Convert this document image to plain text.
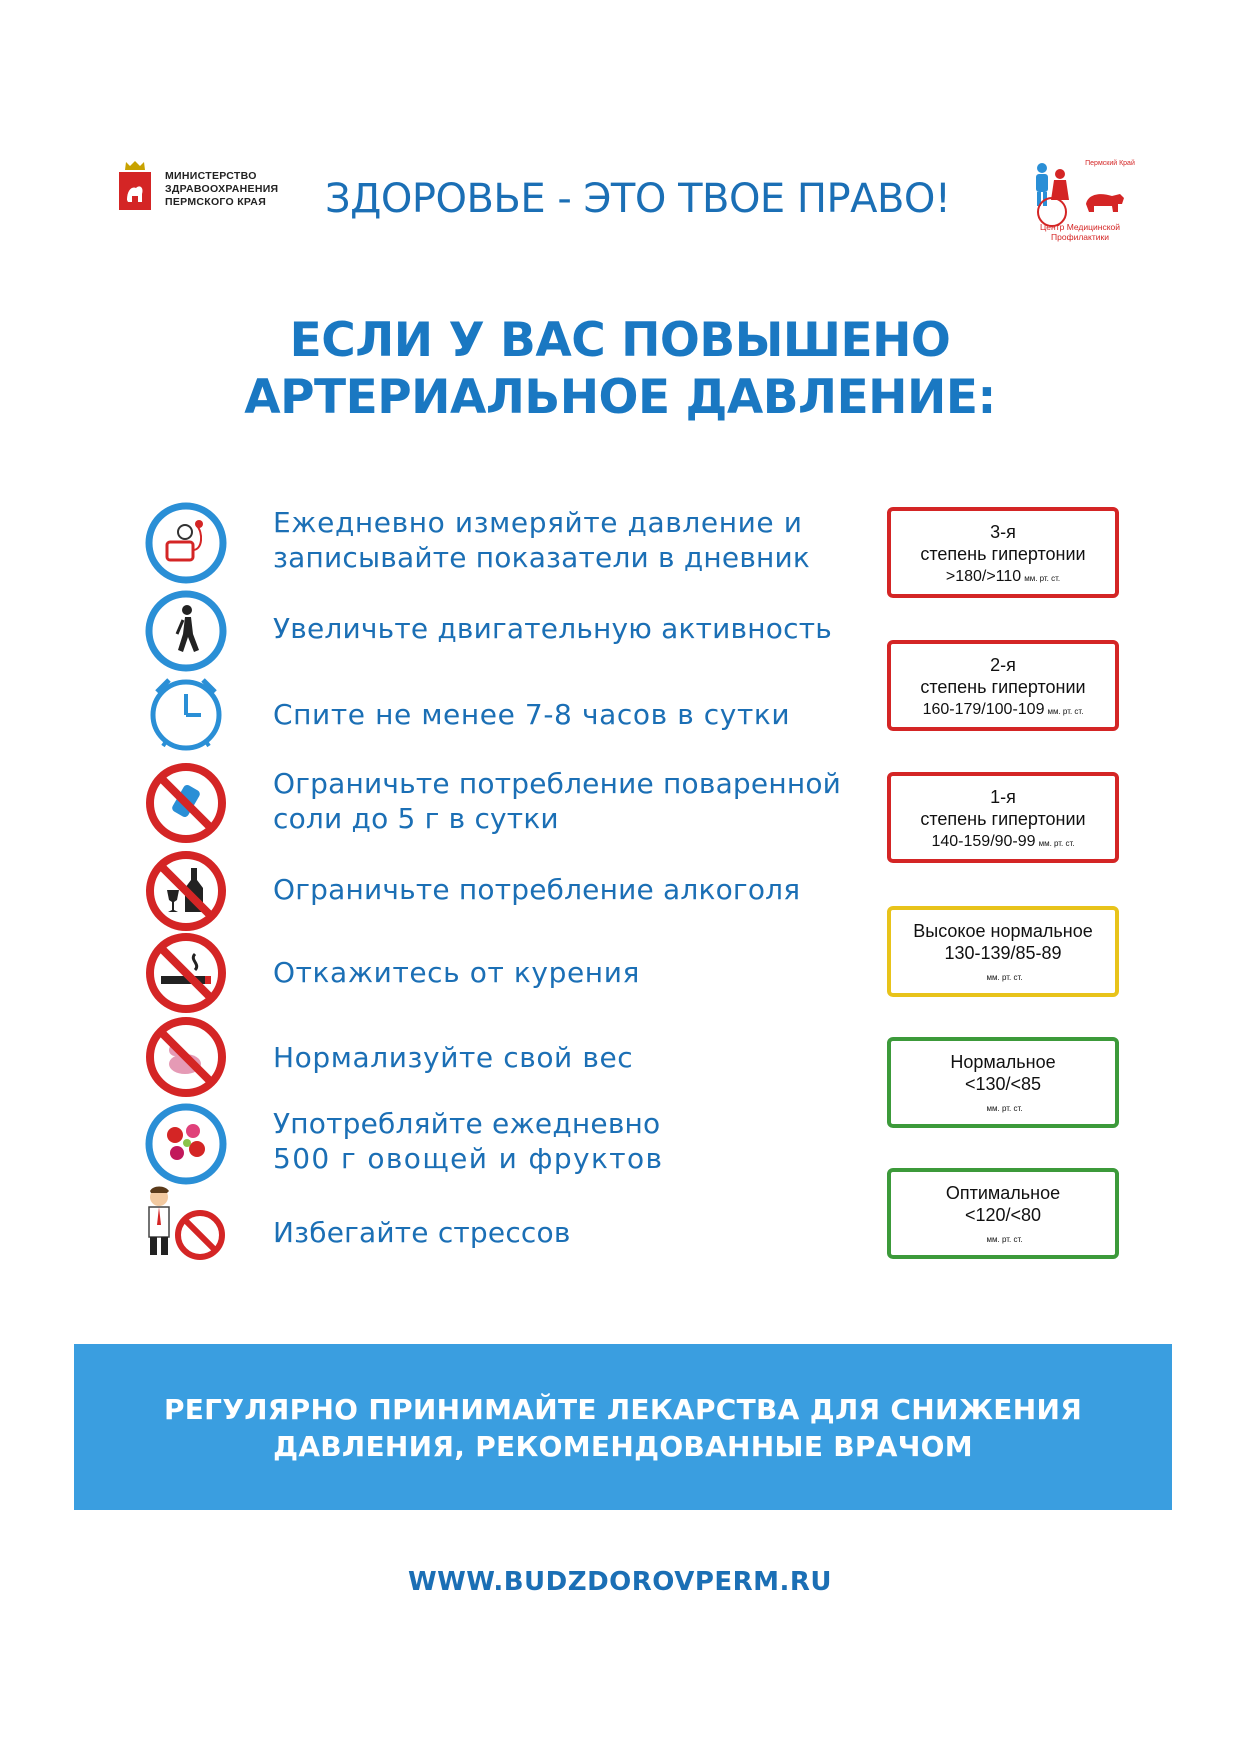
МИНИСТЕРСТВО
ЗДРАВООХРАНЕНИЯ
ПЕРМСКОГО КРАЯ	ЗДОРОВЬЕ - ЭТО ТВОЕ ПРАВО!
Пермский Край
Центр Медицинской
Профилактики
ЕСЛИ У ВАС ПОВЫШЕНО
АРТЕРИАЛЬНОЕ ДАВЛЕНИЕ:
Ежедневно измеряйте давление и
записывайте показатели в дневник
Увеличьте двигательную активность
Спите не менее 7-8 часов в сутки
Ограничьте потребление поваренной
соли до 5 г в сутки
Ограничьте потребление алкоголя
Откажитесь от курения
Нормализуйте свой вес
Употребляйте ежедневно
500 г овощей и фруктов
Избегайте стрессов
3-я
степень гипертонии
>180/>110 мм. рт. ст.
2-я
степень гипертонии
160-179/100-109 мм. рт. ст.
1-я
степень гипертонии
140-159/90-99 мм. рт. ст.
Высокое нормальное
130-139/85-89
мм. рт. ст.
Нормальное
<130/<85
мм. рт. ст.
Оптимальное
<120/<80
мм. рт. ст.
РЕГУЛЯРНО ПРИНИМАЙТЕ ЛЕКАРСТВА ДЛЯ СНИЖЕНИЯ
ДАВЛЕНИЯ, РЕКОМЕНДОВАННЫЕ ВРАЧОМ
WWW.BUDZDOROVPERM.RU
